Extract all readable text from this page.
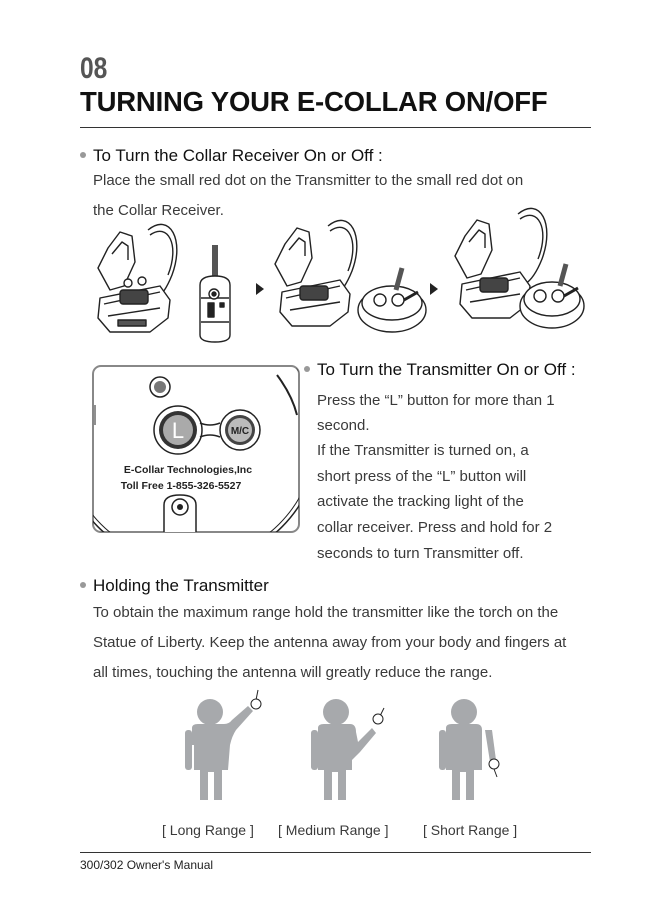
08
TURNING YOUR E-COLLAR ON/OFF
To Turn the Collar Receiver On or Off :
Place the small red dot on the Transmitter to the small red dot on
the Collar Receiver.
L	M/C
E-Collar Technologies,Inc
Toll Free 1-855-326-5527
To Turn the Transmitter On or Off :
Press the “L” button for more than 1
second.
If the Transmitter is turned on, a
short press of the “L” button will
activate the tracking light of the
collar receiver. Press and hold for 2
seconds to turn Transmitter off.
Holding the Transmitter
To obtain the maximum range hold the transmitter like the torch on the
Statue of Liberty. Keep the antenna away from your body and fingers at
all times, touching the antenna will greatly reduce the range.
[ Long Range ] [ Medium Range ] [ Short Range ]
300/302 Owner's Manual
